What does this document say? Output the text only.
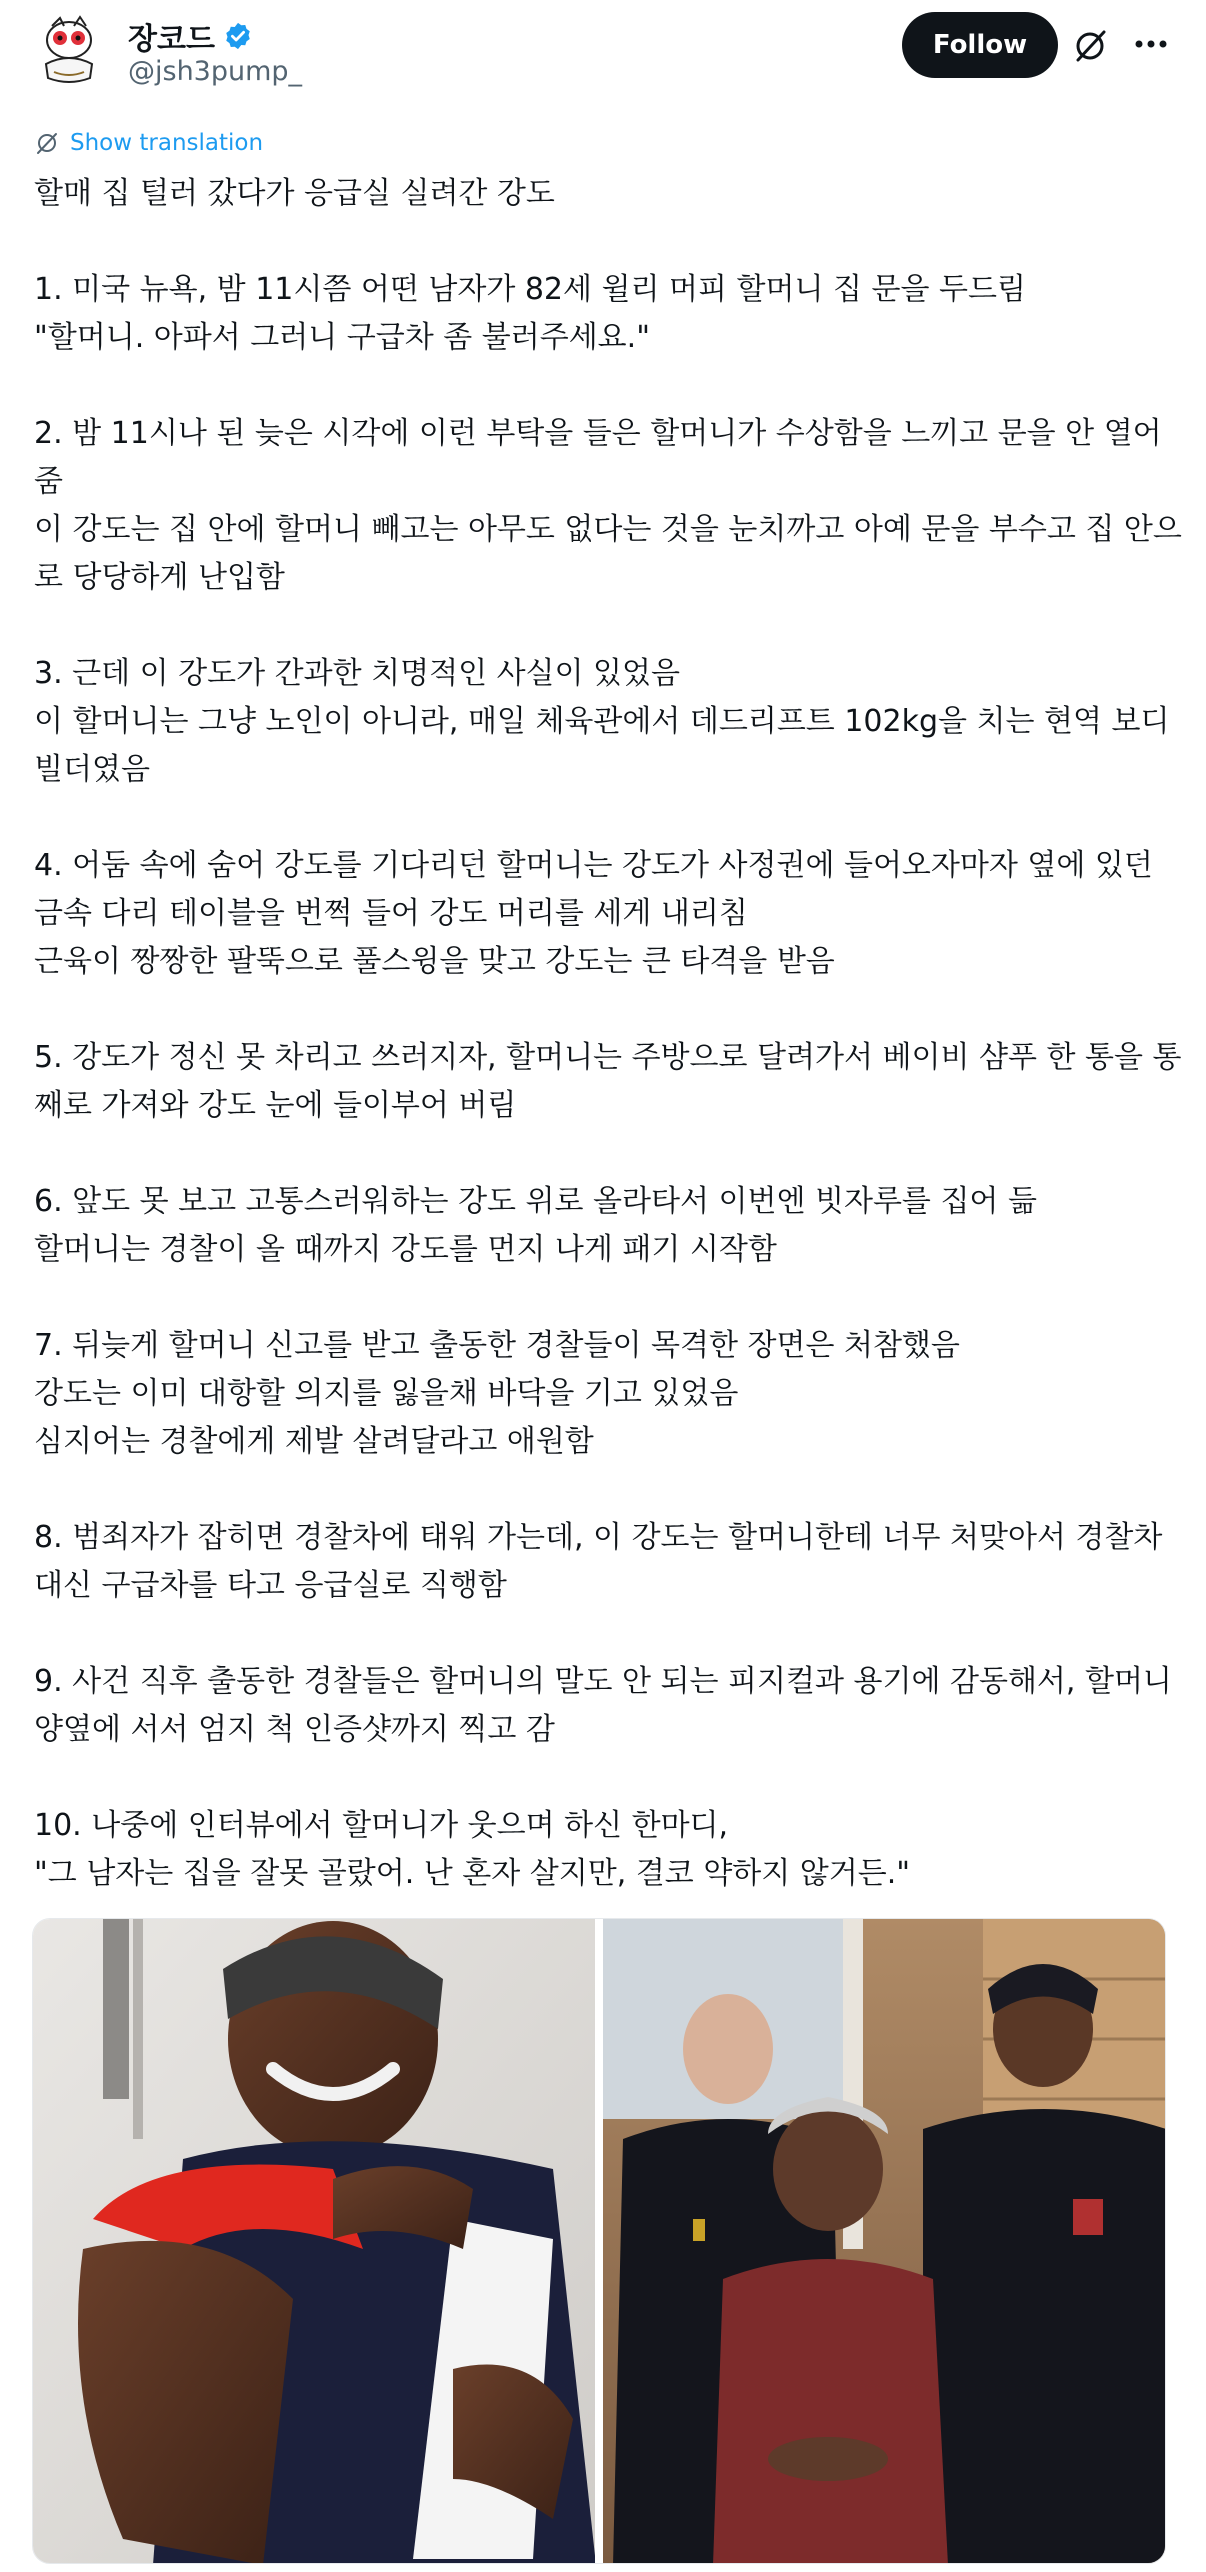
장코드
@jsh3pump_
Follow
Show translation

할매 집 털러 갔다가 응급실 실려간 강도

1. 미국 뉴욕, 밤 11시쯤 어떤 남자가 82세 윌리 머피 할머니 집 문을 두드림
"할머니. 아파서 그러니 구급차 좀 불러주세요."

2. 밤 11시나 된 늦은 시각에 이런 부탁을 들은 할머니가 수상함을 느끼고 문을 안 열어줌
이 강도는 집 안에 할머니 빼고는 아무도 없다는 것을 눈치까고 아예 문을 부수고 집 안으로 당당하게 난입함

3. 근데 이 강도가 간과한 치명적인 사실이 있었음
이 할머니는 그냥 노인이 아니라, 매일 체육관에서 데드리프트 102kg을 치는 현역 보디빌더였음

4. 어둠 속에 숨어 강도를 기다리던 할머니는 강도가 사정권에 들어오자마자 옆에 있던 금속 다리 테이블을 번쩍 들어 강도 머리를 세게 내리침
근육이 짱짱한 팔뚝으로 풀스윙을 맞고 강도는 큰 타격을 받음

5. 강도가 정신 못 차리고 쓰러지자, 할머니는 주방으로 달려가서 베이비 샴푸 한 통을 통째로 가져와 강도 눈에 들이부어 버림

6. 앞도 못 보고 고통스러워하는 강도 위로 올라타서 이번엔 빗자루를 집어 듦
할머니는 경찰이 올 때까지 강도를 먼지 나게 패기 시작함

7. 뒤늦게 할머니 신고를 받고 출동한 경찰들이 목격한 장면은 처참했음
강도는 이미 대항할 의지를 잃을채 바닥을 기고 있었음
심지어는 경찰에게 제발 살려달라고 애원함

8. 범죄자가 잡히면 경찰차에 태워 가는데, 이 강도는 할머니한테 너무 처맞아서 경찰차 대신 구급차를 타고 응급실로 직행함

9. 사건 직후 출동한 경찰들은 할머니의 말도 안 되는 피지컬과 용기에 감동해서, 할머니 양옆에 서서 엄지 척 인증샷까지 찍고 감

10. 나중에 인터뷰에서 할머니가 웃으며 하신 한마디,
"그 남자는 집을 잘못 골랐어. 난 혼자 살지만, 결코 약하지 않거든."
